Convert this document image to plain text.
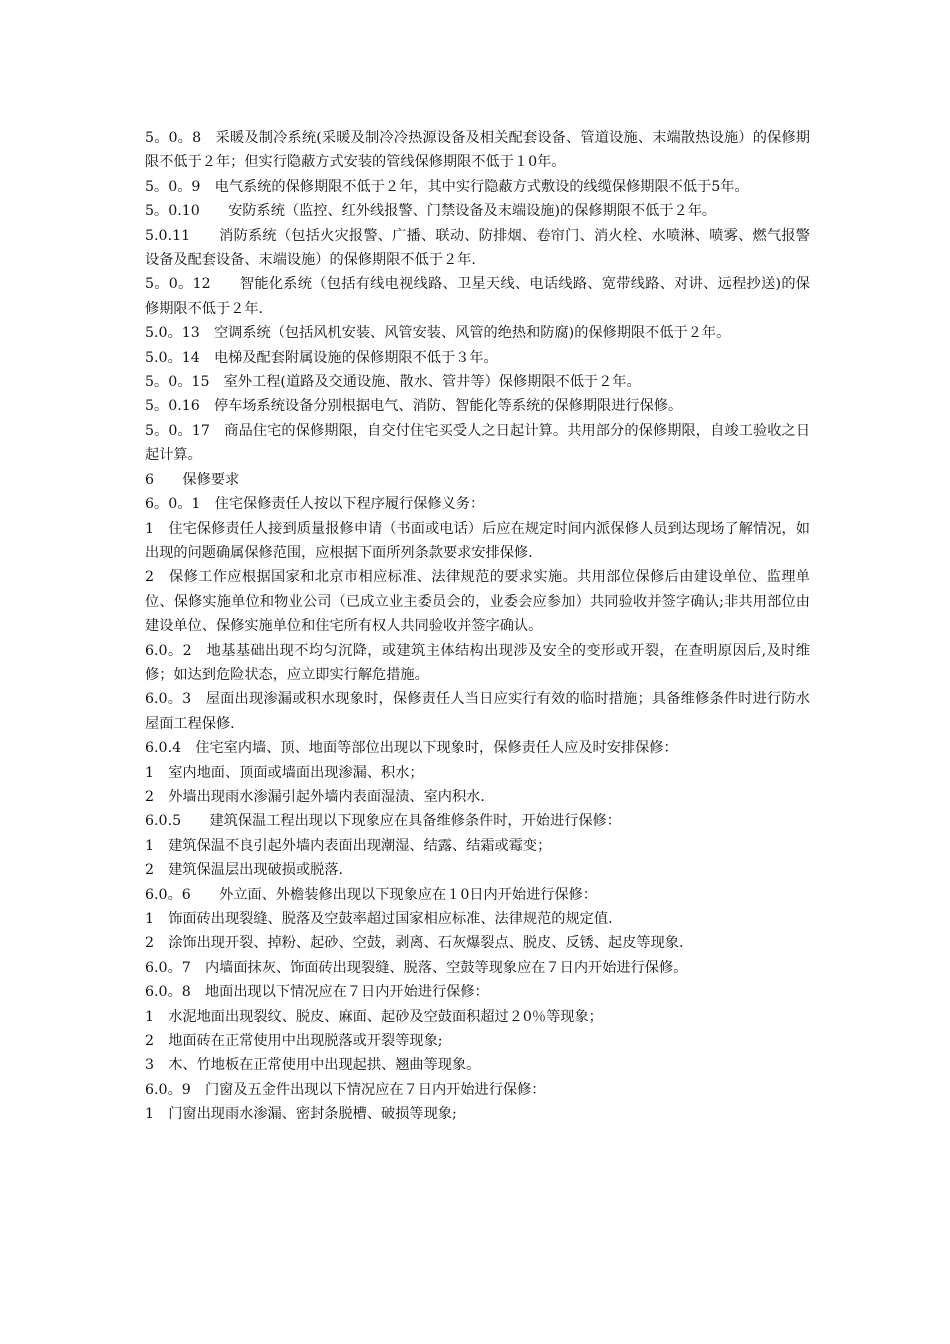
5。0。8　采暖及制冷系统(采暖及制冷冷热源设备及相关配套设备、管道设施、末端散热设施）的保修期限不低于２年；但实行隐蔽方式安装的管线保修期限不低于１0年。

5。0。9　电气系统的保修期限不低于２年，其中实行隐蔽方式敷设的线缆保修期限不低于5年。

5。0.10　　安防系统（监控、红外线报警、门禁设备及末端设施)的保修期限不低于２年。

5.0.11　　消防系统（包括火灾报警、广播、联动、防排烟、卷帘门、消火栓、水喷淋、喷雾、燃气报警设备及配套设备、末端设施）的保修期限不低于２年.

5。0。12　　智能化系统（包括有线电视线路、卫星天线、电话线路、宽带线路、对讲、远程抄送)的保修期限不低于２年.

5.0。13　空调系统（包括风机安装、风管安装、风管的绝热和防腐)的保修期限不低于２年。

5.0。14　电梯及配套附属设施的保修期限不低于３年。

5。0。15　室外工程(道路及交通设施、散水、管井等）保修期限不低于２年。

5。0.16　停车场系统设备分别根据电气、消防、智能化等系统的保修期限进行保修。

5。0。17　商品住宅的保修期限，自交付住宅买受人之日起计算。共用部分的保修期限，自竣工验收之日起计算。

6　　保修要求

6。0。1　住宅保修责任人按以下程序履行保修义务：

1　住宅保修责任人接到质量报修申请（书面或电话）后应在规定时间内派保修人员到达现场了解情况，如出现的问题确属保修范围，应根据下面所列条款要求安排保修.

2　保修工作应根据国家和北京市相应标准、法律规范的要求实施。共用部位保修后由建设单位、监理单位、保修实施单位和物业公司（已成立业主委员会的，业委会应参加）共同验收并签字确认;非共用部位由建设单位、保修实施单位和住宅所有权人共同验收并签字确认。

6.0。2　地基基础出现不均匀沉降，或建筑主体结构出现涉及安全的变形或开裂，在查明原因后,及时维修；如达到危险状态，应立即实行解危措施。

6.0。3　屋面出现渗漏或积水现象时，保修责任人当日应实行有效的临时措施；具备维修条件时进行防水屋面工程保修.

6.0.4　住宅室内墙、顶、地面等部位出现以下现象时，保修责任人应及时安排保修：

1　室内地面、顶面或墙面出现渗漏、积水；

2　外墙出现雨水渗漏引起外墙内表面湿渍、室内积水.

6.0.5　　建筑保温工程出现以下现象应在具备维修条件时，开始进行保修：

1　建筑保温不良引起外墙内表面出现潮湿、结露、结霜或霉变；

2　建筑保温层出现破损或脱落.

6.0。6　　外立面、外檐装修出现以下现象应在１0日内开始进行保修：

1　饰面砖出现裂缝、脱落及空鼓率超过国家相应标准、法律规范的规定值.

2　涂饰出现开裂、掉粉、起砂、空鼓，剥离、石灰爆裂点、脱皮、反锈、起皮等现象.

6.0。7　内墙面抹灰、饰面砖出现裂缝、脱落、空鼓等现象应在７日内开始进行保修。

6.0。8　地面出现以下情况应在７日内开始进行保修：

1　水泥地面出现裂纹、脱皮、麻面、起砂及空鼓面积超过２0％等现象；

2　地面砖在正常使用中出现脱落或开裂等现象;

3　木、竹地板在正常使用中出现起拱、翘曲等现象。

6.0。9　门窗及五金件出现以下情况应在７日内开始进行保修：

1　门窗出现雨水渗漏、密封条脱槽、破损等现象;
